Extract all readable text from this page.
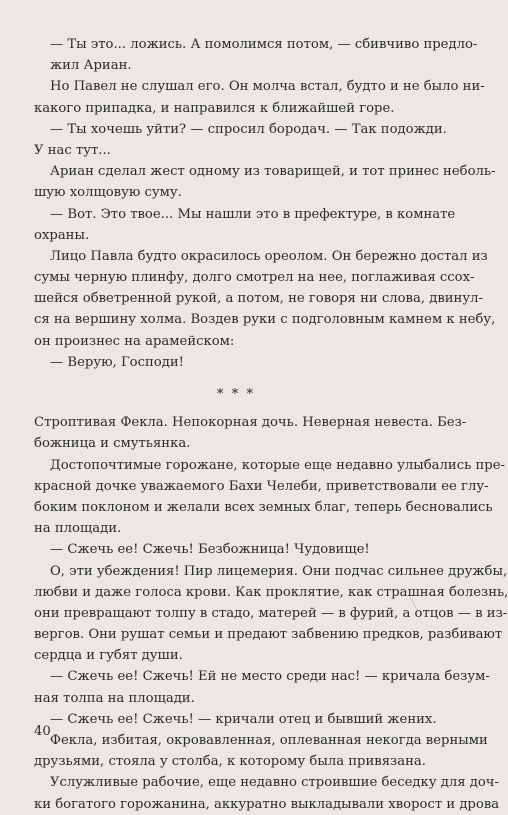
— Ты это... ложись. А помолимся потом, — сбивчиво предло-
жил Ариан.
Но Павел не слушал его. Он молча встал, будто и не было ни-
какого припадка, и направился к ближайшей горе.
— Ты хочешь уйти? — спросил бородач. — Так подожди.
У нас тут...
Ариан сделал жест одному из товарищей, и тот принес неболь-
шую холщовую суму.
— Вот. Это твое... Мы нашли это в префектуре, в комнате
охраны.
Лицо Павла будто окрасилось ореолом. Он бережно достал из
сумы черную плинфу, долго смотрел на нее, поглаживая ссох-
шейся обветренной рукой, а потом, не говоря ни слова, двинул-
ся на вершину холма. Воздев руки с подголовным камнем к небу,
он произнес на арамейском:
— Верую, Господи!
* * *
Строптивая Фекла. Непокорная дочь. Неверная невеста. Без-
божница и смутьянка.
Достопочтимые горожане, которые еще недавно улыбались пре-
красной дочке уважаемого Бахи Челеби, приветствовали ее глу-
боким поклоном и желали всех земных благ, теперь бесновались
на площади.
— Сжечь ее! Сжечь! Безбожница! Чудовище!
О, эти убеждения! Пир лицемерия. Они подчас сильнее дружбы,
любви и даже голоса крови. Как проклятие, как страшная болезнь,
они превращают толпу в стадо, матерей — в фурий, а отцов — в из-
вергов. Они рушат семьи и предают забвению предков, разбивают
сердца и губят души.
— Сжечь ее! Сжечь! Ей не место среди нас! — кричала безум-
ная толпа на площади.
— Сжечь ее! Сжечь! — кричали отец и бывший жених.
Фекла, избитая, окровавленная, оплеванная некогда верными
друзьями, стояла у столба, к которому была привязана.
Услужливые рабочие, еще недавно строившие беседку для доч-
ки богатого горожанина, аккуратно выкладывали хворост и дрова
40
